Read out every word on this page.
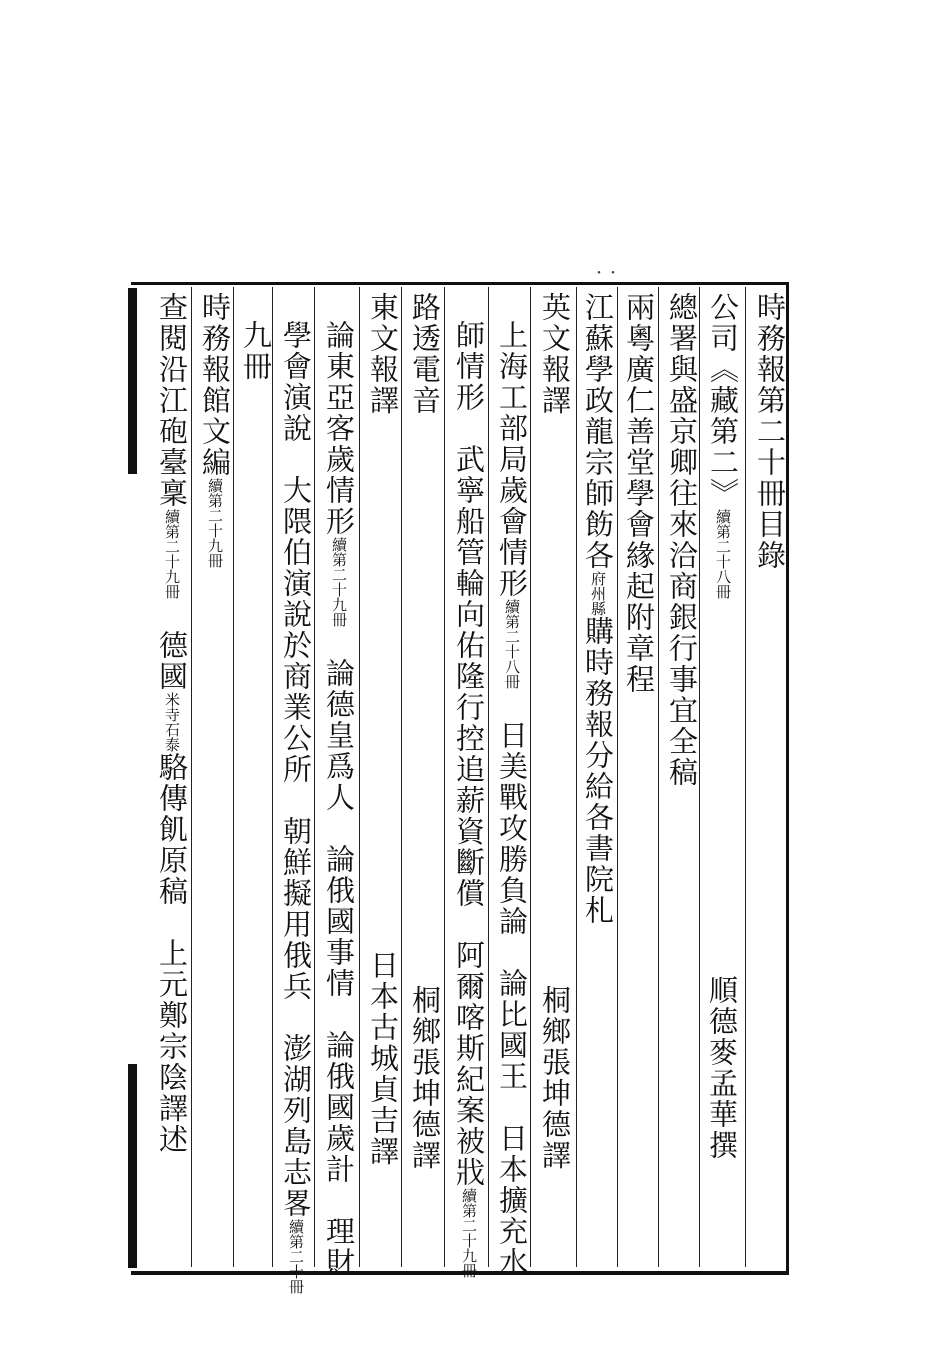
・・
時務報第二十冊目錄
公司《藏第二》續第二十八冊
總署與盛京卿往來洽商銀行事宜全稿
順德麥孟華撰
兩粵廣仁善堂學會緣起附章程
江蘇學政龍宗師飭各府州縣購時務報分給各書院札
英文報譯
桐鄉張坤德譯
上海工部局歲會情形續第二十八冊　日美戰攻勝負論　論比國王　日本擴充水
師情形　武寧船管輪向佑隆行控追薪資斷償　阿爾喀斯紀案被戕續第二十九冊
路透電音
桐鄉張坤德譯
東文報譯
日本古城貞吉譯
論東亞客歲情形續第二十九冊　論德皇爲人　論俄國事情　論俄國歲計　理財
學會演說　大隈伯演說於商業公所　朝鮮擬用俄兵　澎湖列島志畧續第二十冊
九冊
時務報館文編續第二十九冊
查閱沿江砲臺稟續第二十九冊　德國米寺石泰駱傳飢原稿　上元鄭宗陰譯述
